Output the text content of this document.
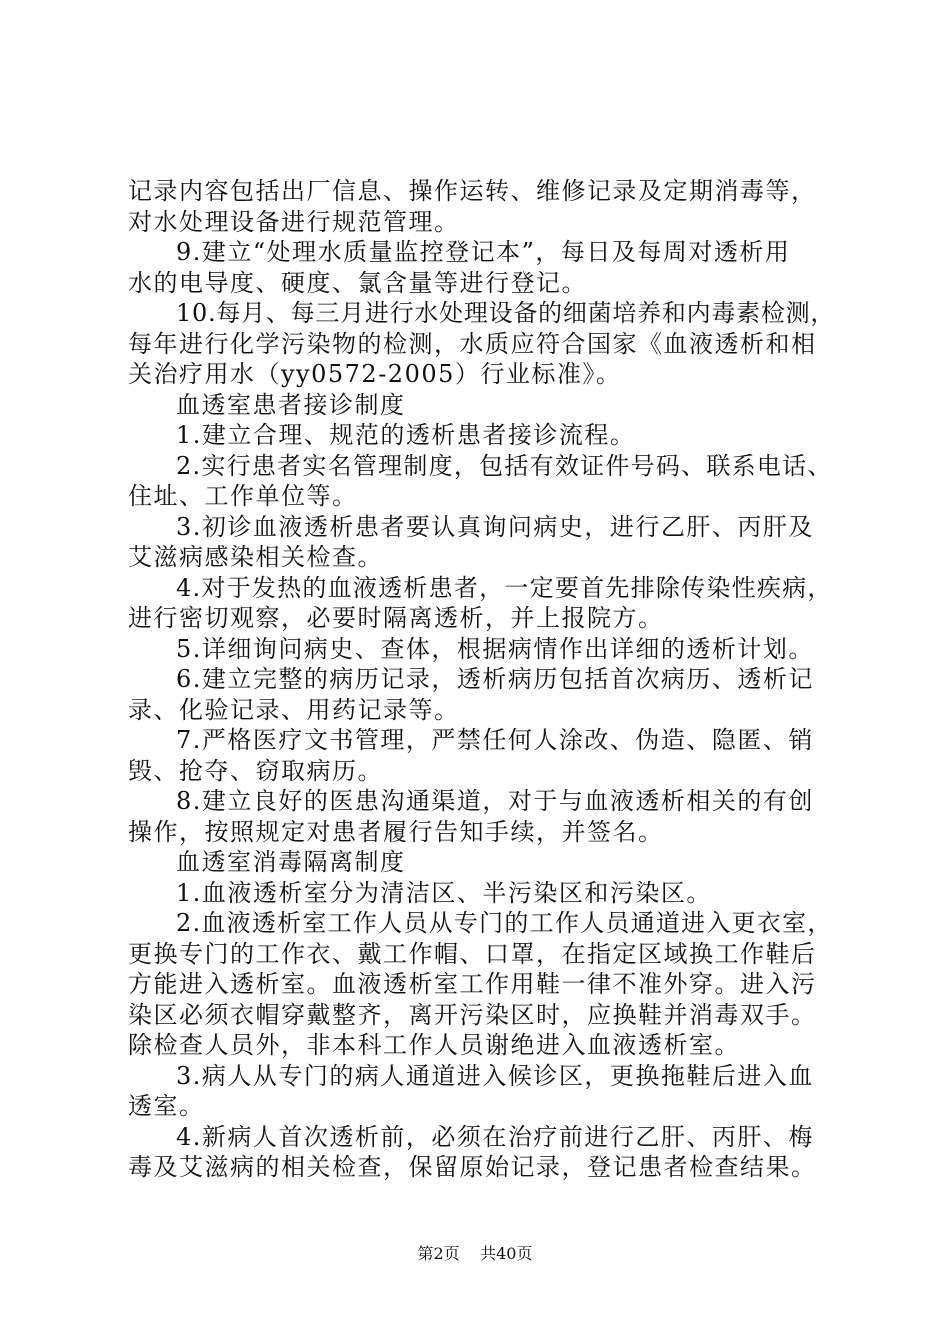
记录内容包括出厂信息、操作运转、维修记录及定期消毒等，
对水处理设备进行规范管理。
9.建立“处理水质量监控登记本”，每日及每周对透析用
水的电导度、硬度、氯含量等进行登记。
10.每月、每三月进行水处理设备的细菌培养和内毒素检测，
每年进行化学污染物的检测，水质应符合国家《血液透析和相
关治疗用水（yy0572-2005）行业标准》。
血透室患者接诊制度
1.建立合理、规范的透析患者接诊流程。
2.实行患者实名管理制度，包括有效证件号码、联系电话、
住址、工作单位等。
3.初诊血液透析患者要认真询问病史，进行乙肝、丙肝及
艾滋病感染相关检查。
4.对于发热的血液透析患者，一定要首先排除传染性疾病，
进行密切观察，必要时隔离透析，并上报院方。
5.详细询问病史、查体，根据病情作出详细的透析计划。
6.建立完整的病历记录，透析病历包括首次病历、透析记
录、化验记录、用药记录等。
7.严格医疗文书管理，严禁任何人涂改、伪造、隐匿、销
毁、抢夺、窃取病历。
8.建立良好的医患沟通渠道，对于与血液透析相关的有创
操作，按照规定对患者履行告知手续，并签名。
血透室消毒隔离制度
1.血液透析室分为清洁区、半污染区和污染区。
2.血液透析室工作人员从专门的工作人员通道进入更衣室，
更换专门的工作衣、戴工作帽、口罩，在指定区域换工作鞋后
方能进入透析室。血液透析室工作用鞋一律不准外穿。进入污
染区必须衣帽穿戴整齐，离开污染区时，应换鞋并消毒双手。
除检查人员外，非本科工作人员谢绝进入血液透析室。
3.病人从专门的病人通道进入候诊区，更换拖鞋后进入血
透室。
4.新病人首次透析前，必须在治疗前进行乙肝、丙肝、梅
毒及艾滋病的相关检查，保留原始记录，登记患者检查结果。
第2页 共40页
